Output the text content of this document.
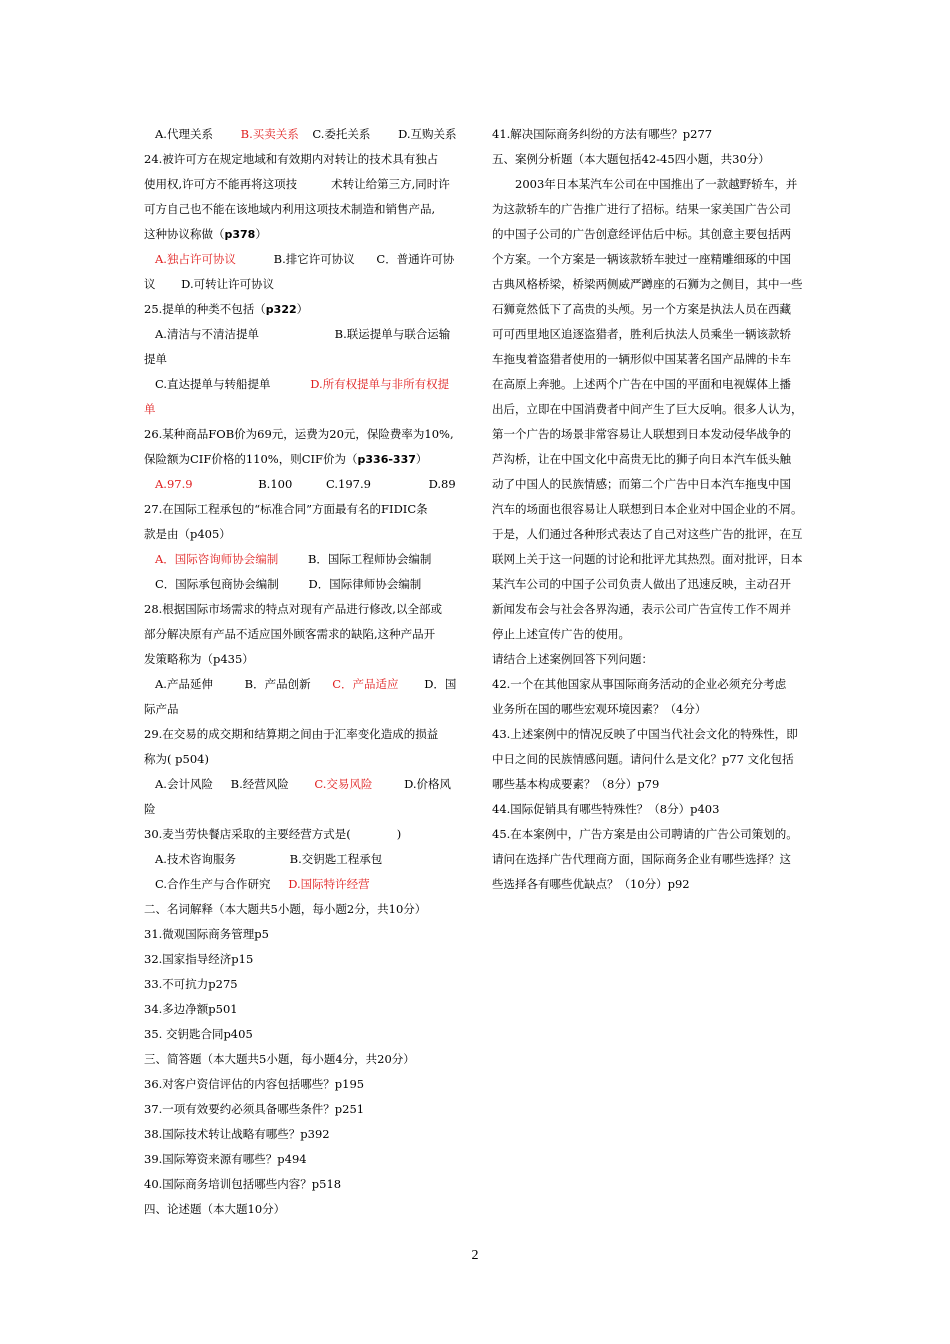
A.代理关系 B.买卖关系 C.委托关系 D.互购关系
24.被许可方在规定地域和有效期内对转让的技术具有独占
使用权,许可方不能再将这项技	术转让给第三方,同时许
可方自己也不能在该地域内利用这项技术制造和销售产品,
这种协议称做（p378）
A.独占许可协议	B.排它许可协议 C．普通许可协
议 D.可转让许可协议
25.提单的种类不包括（p322）
A.清洁与不清洁提单	B.联运提单与联合运输
提单
C.直达提单与转船提单	D.所有权提单与非所有权提
单
26.某种商品FOB价为69元，运费为20元，保险费率为10%,
保险额为CIF价格的110%，则CIF价为（p336-337）
A.97.9	B.100	C.197.9	D.89
27.在国际工程承包的“标准合同”方面最有名的FIDIC条
款是由（p405）
A．国际咨询师协会编制	B．国际工程师协会编制
C．国际承包商协会编制	D．国际律师协会编制
28.根据国际市场需求的特点对现有产品进行修改,以全部或
部分解决原有产品不适应国外顾客需求的缺陷,这种产品开
发策略称为（p435）
A.产品延伸	B．产品创新 C．产品适应 D．国
际产品
29.在交易的成交期和结算期之间由于汇率变化造成的损益
称为( p504)
A.会计风险 B.经营风险 C.交易风险	D.价格风
险
30.麦当劳快餐店采取的主要经营方式是(　　　　)
A.技术咨询服务	B.交钥匙工程承包
C.合作生产与合作研究 D.国际特许经营
二、名词解释（本大题共5小题，每小题2分，共10分）
31.微观国际商务管理p5
32.国家指导经济p15
33.不可抗力p275
34.多边净额p501
35. 交钥匙合同p405
三、简答题（本大题共5小题，每小题4分，共20分）
36.对客户资信评估的内容包括哪些？p195
37.一项有效要约必须具备哪些条件？p251
38.国际技术转让战略有哪些？p392
39.国际筹资来源有哪些？p494
40.国际商务培训包括哪些内容？p518
四、论述题（本大题10分）
41.解决国际商务纠纷的方法有哪些？p277
五、案例分析题（本大题包括42-45四小题，共30分）
2003年日本某汽车公司在中国推出了一款越野轿车，并
为这款轿车的广告推广进行了招标。结果一家美国广告公司
的中国子公司的广告创意经评估后中标。其创意主要包括两
个方案。一个方案是一辆该款轿车驶过一座精雕细琢的中国
古典风格桥梁，桥梁两侧威严蹲座的石狮为之侧目，其中一些
石狮竟然低下了高贵的头颅。另一个方案是执法人员在西藏
可可西里地区追逐盗猎者，胜利后执法人员乘坐一辆该款轿
车拖曳着盗猎者使用的一辆形似中国某著名国产品牌的卡车
在高原上奔驰。上述两个广告在中国的平面和电视媒体上播
出后，立即在中国消费者中间产生了巨大反响。很多人认为，
第一个广告的场景非常容易让人联想到日本发动侵华战争的
芦沟桥，让在中国文化中高贵无比的狮子向日本汽车低头触
动了中国人的民族情感；而第二个广告中日本汽车拖曳中国
汽车的场面也很容易让人联想到日本企业对中国企业的不屑。
于是，人们通过各种形式表达了自己对这些广告的批评，在互
联网上关于这一问题的讨论和批评尤其热烈。面对批评，日本
某汽车公司的中国子公司负责人做出了迅速反映，主动召开
新闻发布会与社会各界沟通，表示公司广告宣传工作不周并
停止上述宣传广告的使用。
请结合上述案例回答下列问题：
42.一个在其他国家从事国际商务活动的企业必须充分考虑
业务所在国的哪些宏观环境因素？（4分）
43.上述案例中的情况反映了中国当代社会文化的特殊性，即
中日之间的民族情感问题。请问什么是文化？p77 文化包括
哪些基本构成要素？（8分）p79
44.国际促销具有哪些特殊性？（8分）p403
45.在本案例中，广告方案是由公司聘请的广告公司策划的。
请问在选择广告代理商方面，国际商务企业有哪些选择？这
些选择各有哪些优缺点？（10分）p92
2
